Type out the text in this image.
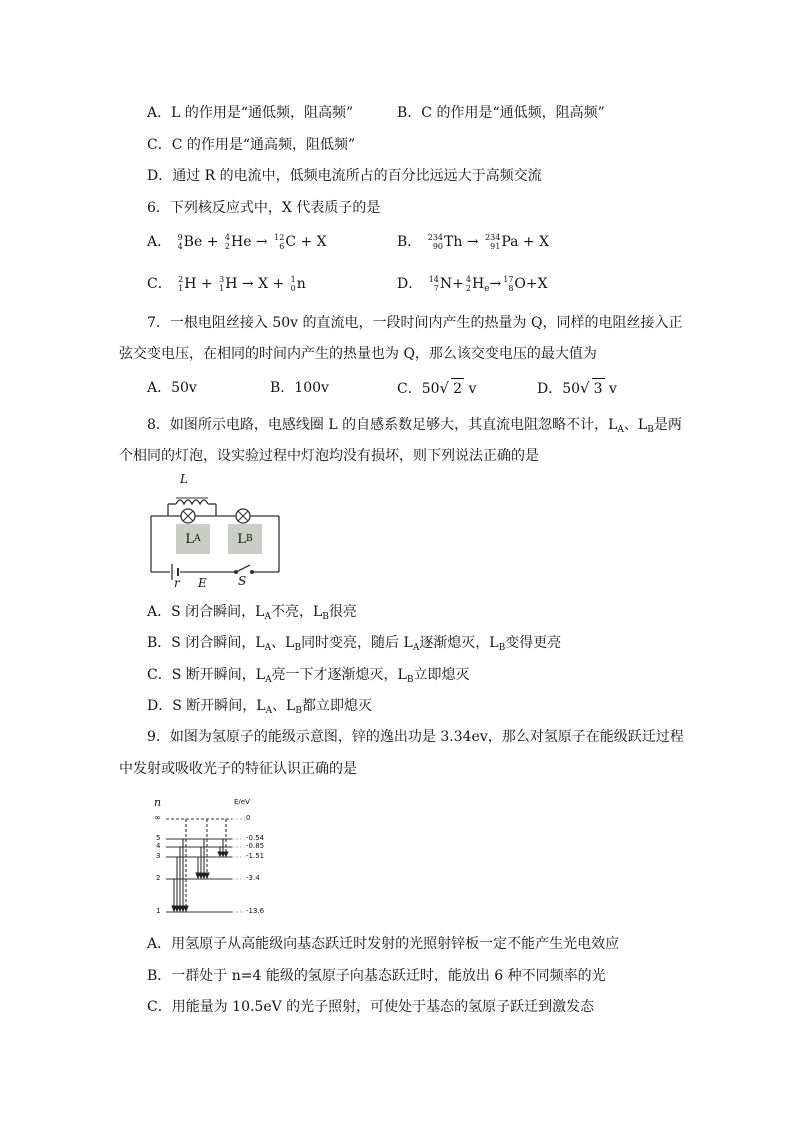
A．L 的作用是“通低频，阻高频”	B．C 的作用是“通低频，阻高频”
C．C 的作用是“通高频，阻低频”
D．通过 R 的电流中，低频电流所占的百分比远远大于高频交流
6．下列核反应式中，X 代表质子的是
A． 9
4 Be + 4
2 He → 12
6 C + X	B． 234
90 Th → 234
91 Pa + X
C． 2
1 H + 3
1 H → X + 1
0 n	D． 14
7 N+ 4
2 $H_e\to 17$
8 O+X
7．一根电阻丝接入 50v 的直流电，一段时间内产生的热量为 Q，同样的电阻丝接入正
弦交变电压，在相同的时间内产生的热量也为 Q，那么该交变电压的最大值为
A．50v	B．100v	C．50√ 2 v	D．50√ 3 v
8．如图所示电路，电感线圈 L 的自感系数足够大，其直流电阻忽略不计，$L_A$、$L_B$是两
个相同的灯泡，设实验过程中灯泡均没有损坏，则下列说法正确的是
L
L A	L B
r E	S
A．S 闭合瞬间，$L_A$不亮，$L_B$很亮
B．S 闭合瞬间，$L_A$、$L_B$同时变亮，随后 $L_A$逐渐熄灭，$L_B$变得更亮
C．S 断开瞬间，$L_A$亮一下才逐渐熄灭，$L_B$立即熄灭
D．S 断开瞬间，$L_A$、$L_B$都立即熄灭
9．如图为氢原子的能级示意图，锌的逸出功是 3.34ev，那么对氢原子在能级跃迁过程
中发射或吸收光子的特征认识正确的是
n	E/eV
∞
5
4
3
2
1
0
-0.54
-0.85
-1.51
-3.4
-13.6
A．用氢原子从高能级向基态跃迁时发射的光照射锌板一定不能产生光电效应
B．一群处于 n=4 能级的氢原子向基态跃迁时，能放出 6 种不同频率的光
C．用能量为 10.5eV 的光子照射，可使处于基态的氢原子跃迁到激发态
